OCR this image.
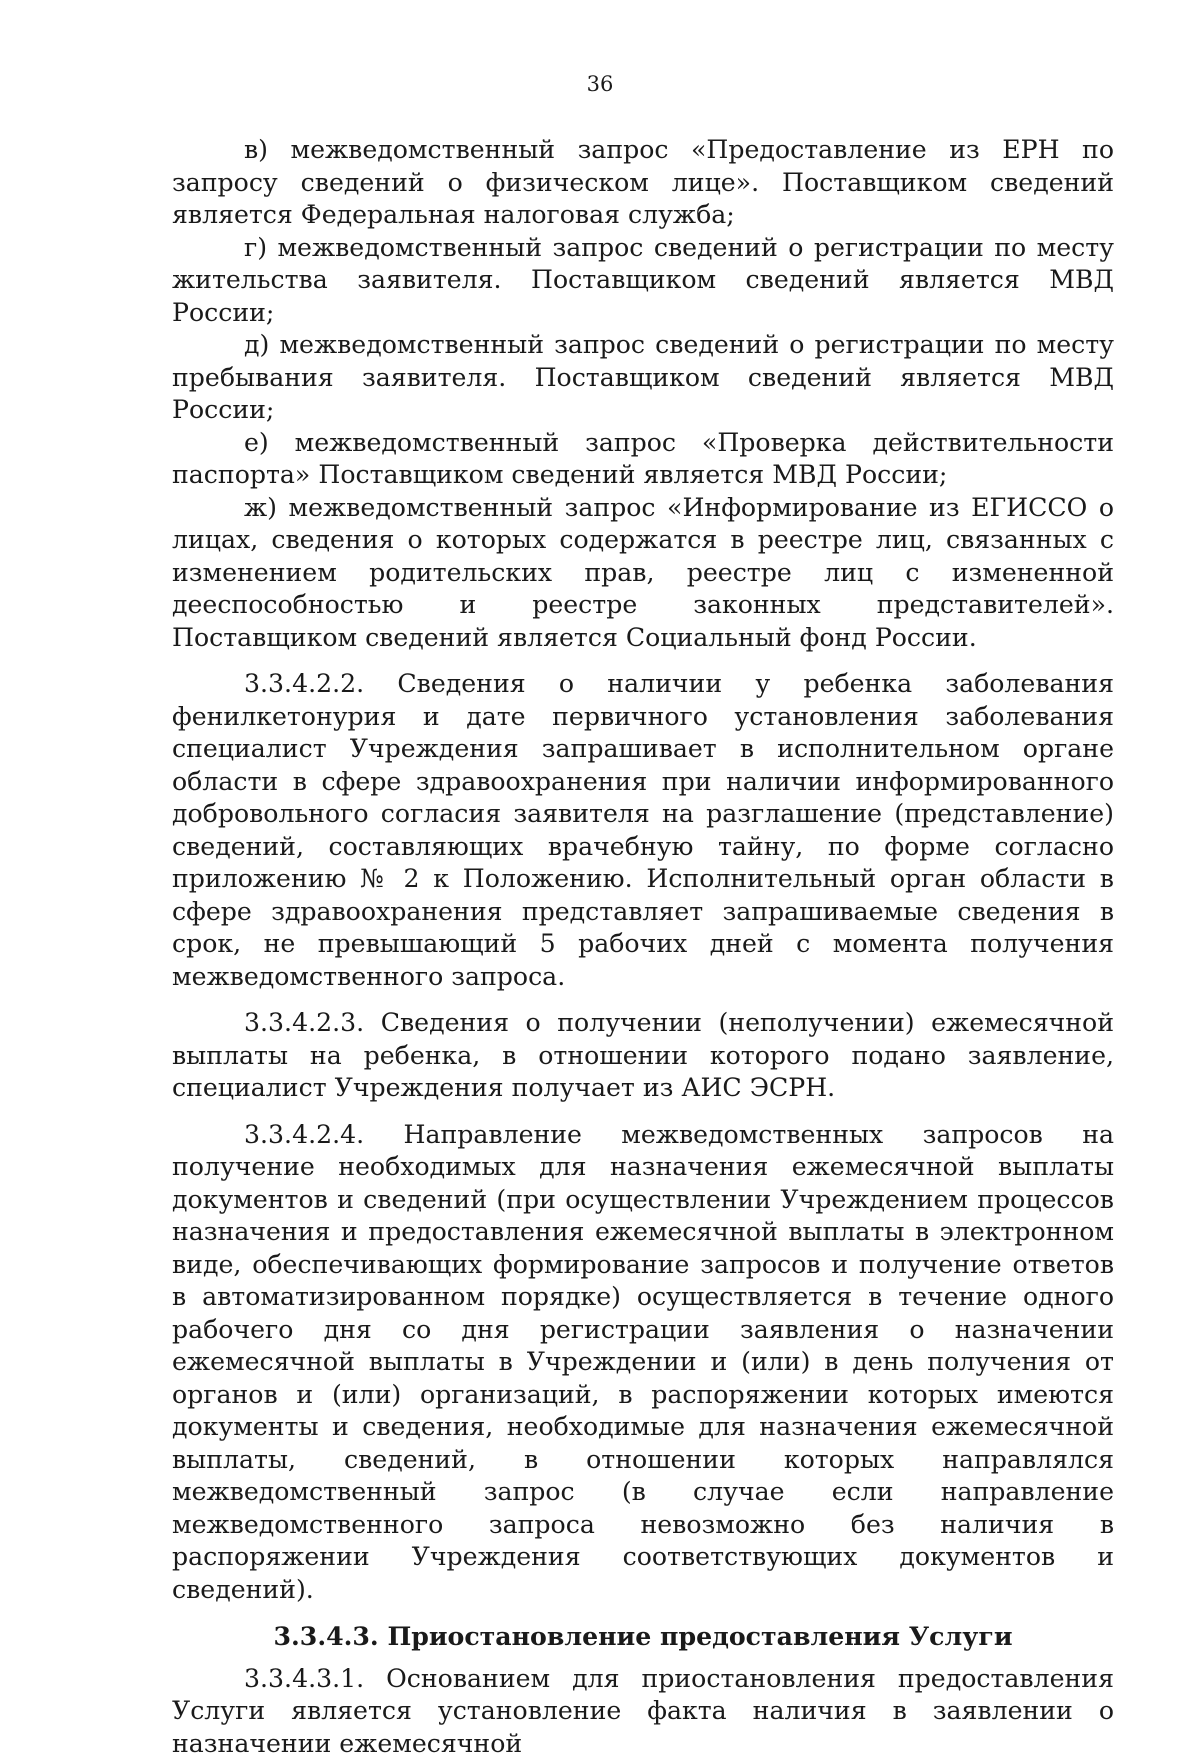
36

в) межведомственный запрос «Предоставление из ЕРН по запросу сведений о физическом лице». Поставщиком сведений является Федеральная налоговая служба;

г) межведомственный запрос сведений о регистрации по месту жительства заявителя. Поставщиком сведений является МВД России;

д) межведомственный запрос сведений о регистрации по месту пребывания заявителя. Поставщиком сведений является МВД России;

е) межведомственный запрос «Проверка действительности паспорта» Поставщиком сведений является МВД России;

ж) межведомственный запрос «Информирование из ЕГИССО о лицах, сведения о которых содержатся в реестре лиц, связанных с изменением родительских прав, реестре лиц с измененной дееспособностью и реестре законных представителей». Поставщиком сведений является Социальный фонд России.

3.3.4.2.2. Сведения о наличии у ребенка заболевания фенилкетонурия и дате первичного установления заболевания специалист Учреждения запрашивает в исполнительном органе области в сфере здравоохранения при наличии информированного добровольного согласия заявителя на разглашение (представление) сведений, составляющих врачебную тайну, по форме согласно приложению № 2 к Положению. Исполнительный орган области в сфере здравоохранения представляет запрашиваемые сведения в срок, не превышающий 5 рабочих дней с момента получения межведомственного запроса.

3.3.4.2.3. Сведения о получении (неполучении) ежемесячной выплаты на ребенка, в отношении которого подано заявление, специалист Учреждения получает из АИС ЭСРН.

3.3.4.2.4. Направление межведомственных запросов на получение необходимых для назначения ежемесячной выплаты документов и сведений (при осуществлении Учреждением процессов назначения и предоставления ежемесячной выплаты в электронном виде, обеспечивающих формирование запросов и получение ответов в автоматизированном порядке) осуществляется в течение одного рабочего дня со дня регистрации заявления о назначении ежемесячной выплаты в Учреждении и (или) в день получения от органов и (или) организаций, в распоряжении которых имеются документы и сведения, необходимые для назначения ежемесячной выплаты, сведений, в отношении которых направлялся межведомственный запрос (в случае если направление межведомственного запроса невозможно без наличия в распоряжении Учреждения соответствующих документов и сведений).

3.3.4.3. Приостановление предоставления Услуги

3.3.4.3.1. Основанием для приостановления предоставления Услуги является установление факта наличия в заявлении о назначении ежемесячной
